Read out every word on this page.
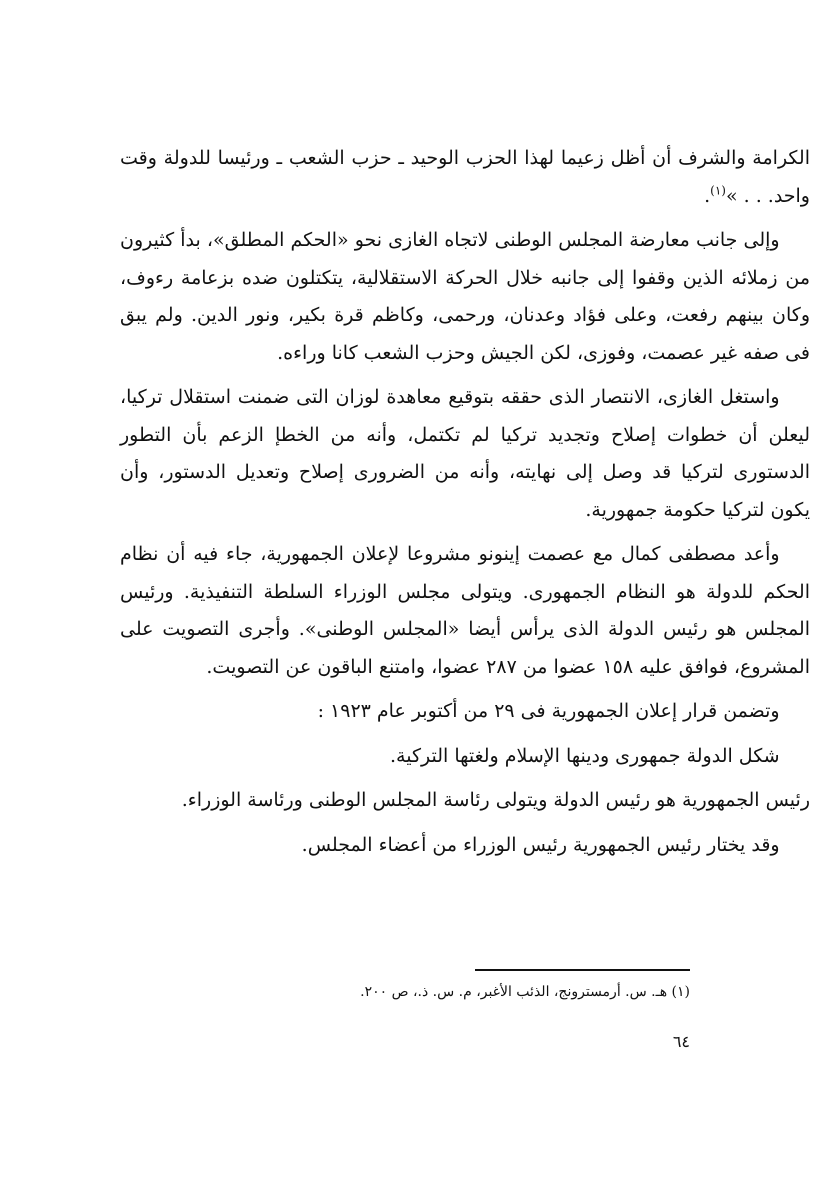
الكرامة والشرف أن أظل زعيما لهذا الحزب الوحيد ـ حزب الشعب ـ ورئيسا للدولة وقت واحد. . . »$^{(١)}$.

وإلى جانب معارضة المجلس الوطنى لاتجاه الغازى نحو «الحكم المطلق»، بدأ كثيرون من زملائه الذين وقفوا إلى جانبه خلال الحركة الاستقلالية، يتكتلون ضده بزعامة رءوف، وكان بينهم رفعت، وعلى فؤاد وعدنان، ورحمى، وكاظم قرة بكير، ونور الدين. ولم يبق فى صفه غير عصمت، وفوزى، لكن الجيش وحزب الشعب كانا وراءه.

واستغل الغازى، الانتصار الذى حققه بتوقيع معاهدة لوزان التى ضمنت استقلال تركيا، ليعلن أن خطوات إصلاح وتجديد تركيا لم تكتمل، وأنه من الخطإ الزعم بأن التطور الدستورى لتركيا قد وصل إلى نهايته، وأنه من الضرورى إصلاح وتعديل الدستور، وأن يكون لتركيا حكومة جمهورية.

وأعد مصطفى كمال مع عصمت إينونو مشروعا لإعلان الجمهورية، جاء فيه أن نظام الحكم للدولة هو النظام الجمهورى. ويتولى مجلس الوزراء السلطة التنفيذية. ورئيس المجلس هو رئيس الدولة الذى يرأس أيضا «المجلس الوطنى». وأجرى التصويت على المشروع، فوافق عليه ١٥٨ عضوا من ٢٨٧ عضوا، وامتنع الباقون عن التصويت.

وتضمن قرار إعلان الجمهورية فى ٢٩ من أكتوبر عام ١٩٢٣ :

شكل الدولة جمهورى ودينها الإسلام ولغتها التركية.

رئيس الجمهورية هو رئيس الدولة ويتولى رئاسة المجلس الوطنى ورئاسة الوزراء.

وقد يختار رئيس الجمهورية رئيس الوزراء من أعضاء المجلس.

(١) هـ. س. أرمسترونج، الذئب الأغبر، م. س. ذ.، ص ٢٠٠.
٦٤
